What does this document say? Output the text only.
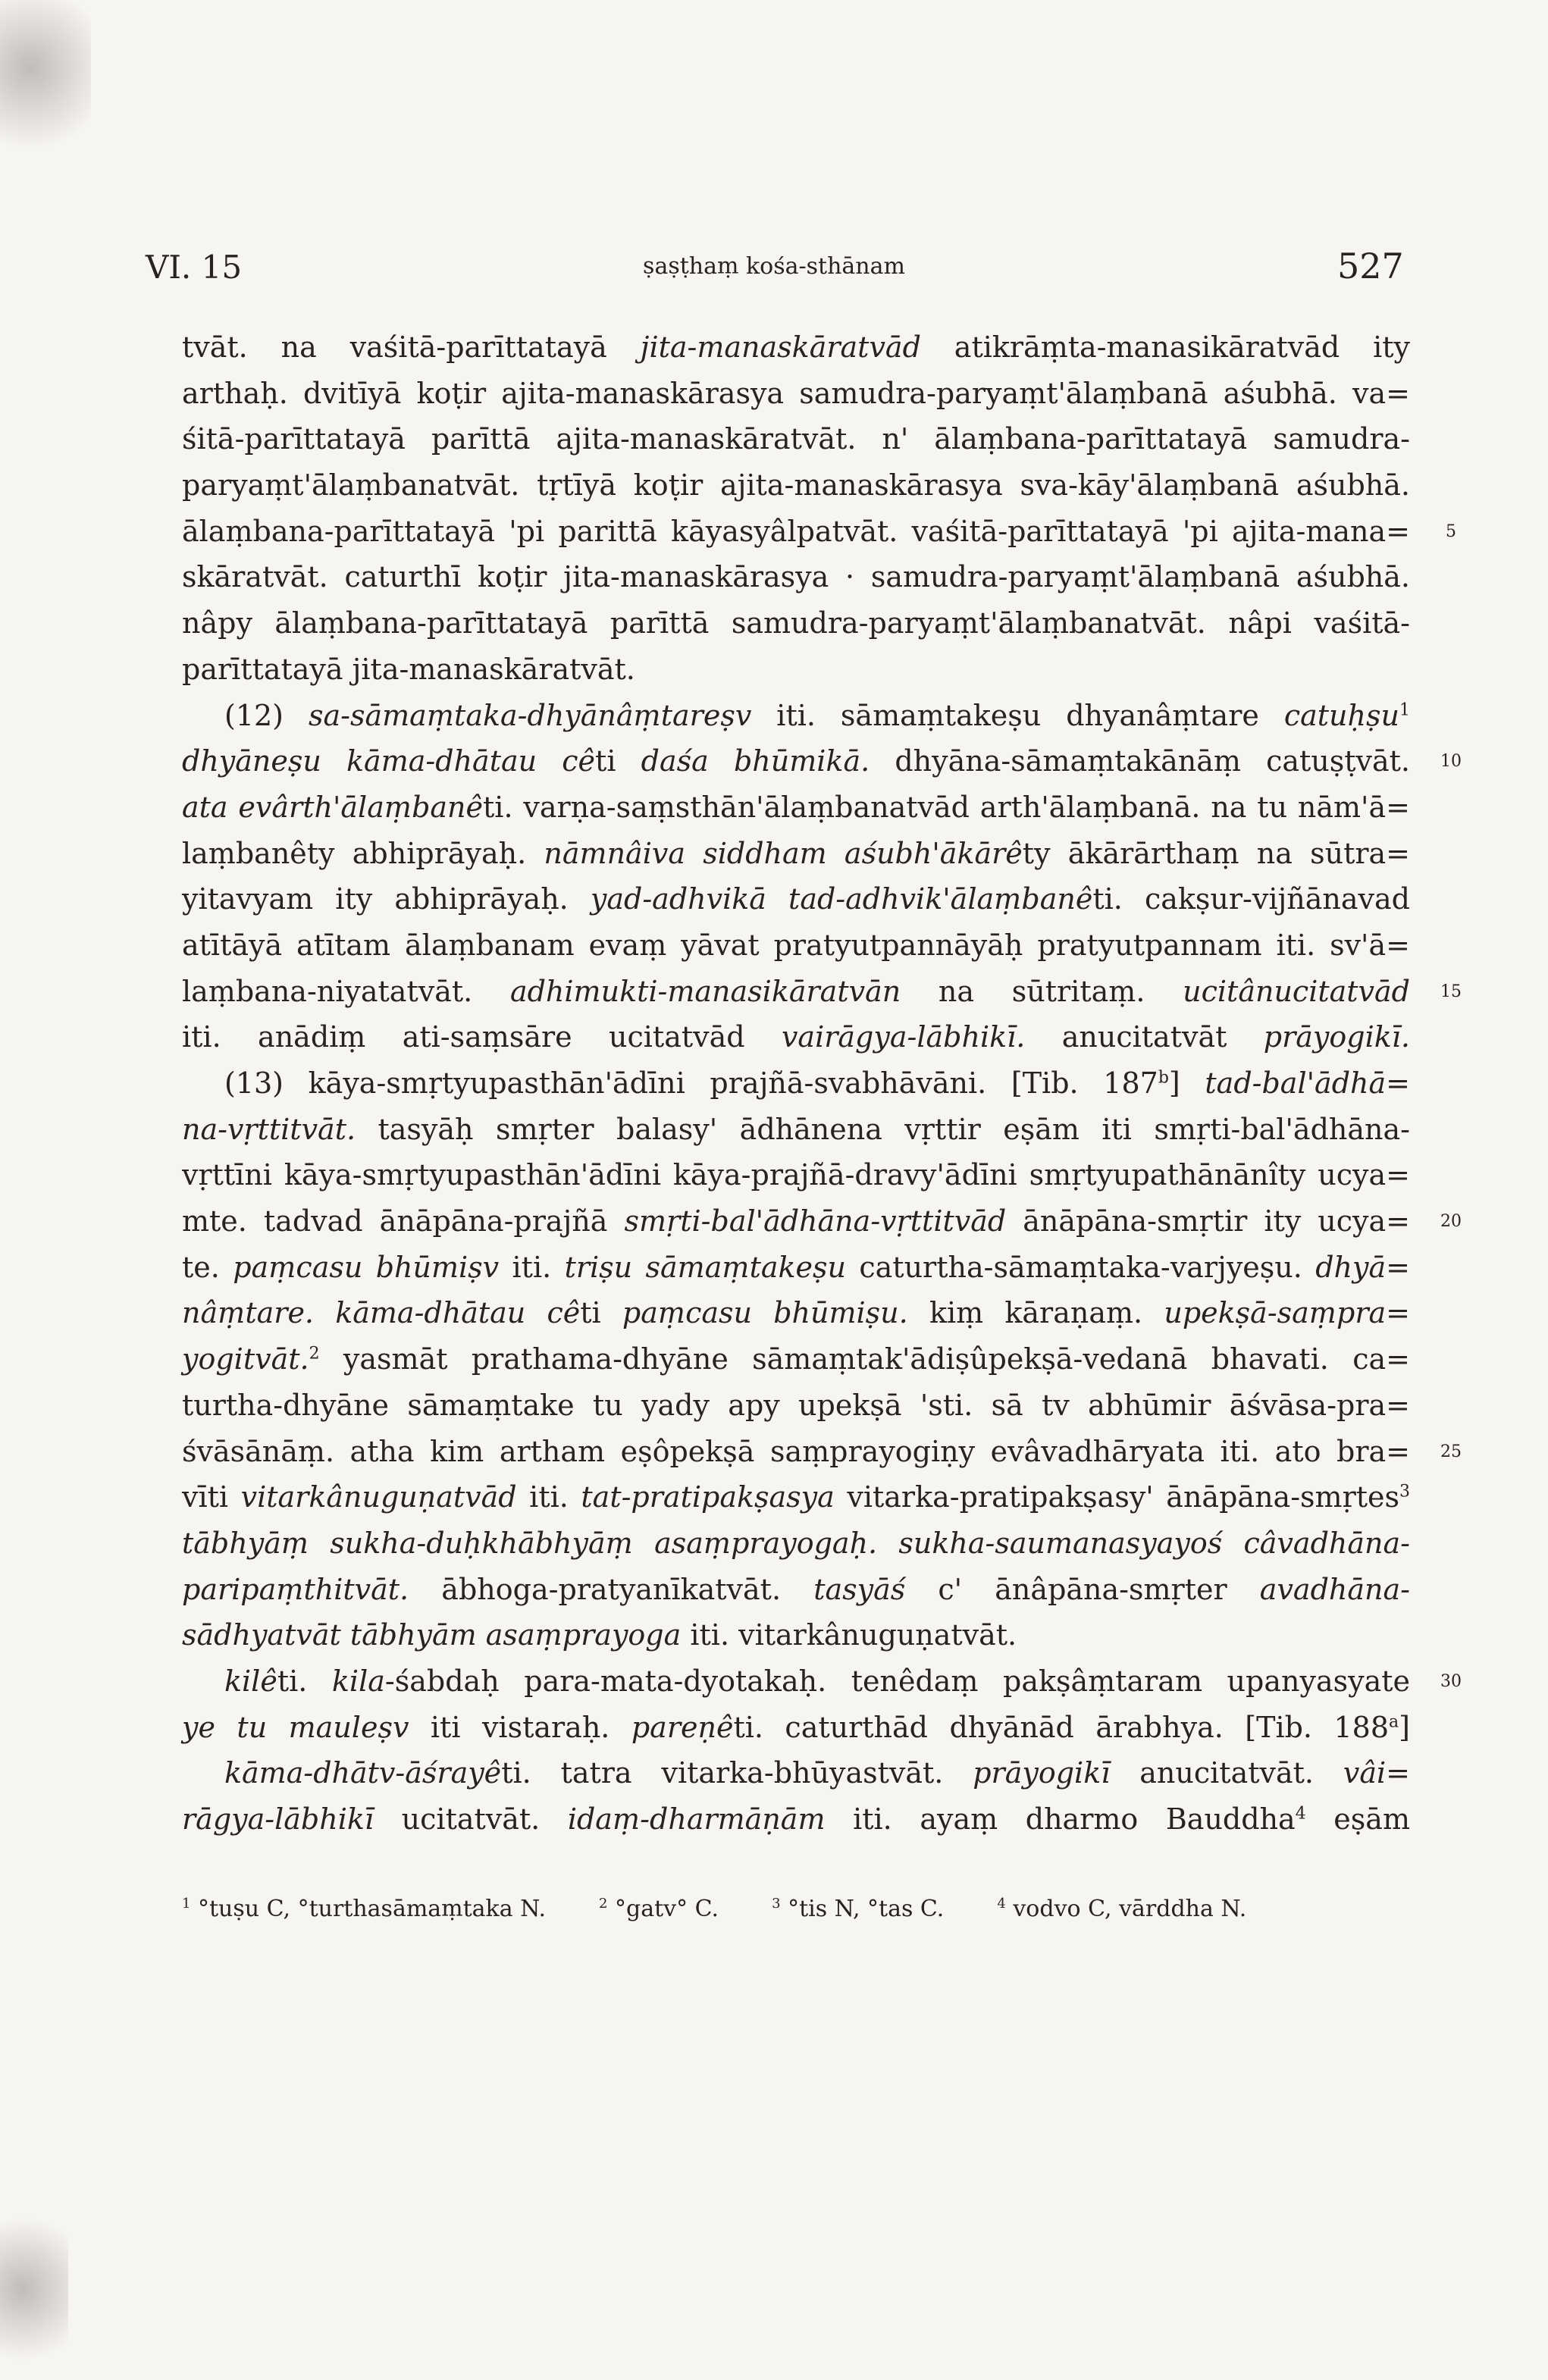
VI. 15	ṣaṣṭhaṃ kośa-sthānam	527
tvāt. na vaśitā-parīttatayā jita-manaskāratvād atikrāṃta-manasikāratvād ity
arthaḥ. dvitīyā koṭir ajita-manaskārasya samudra-paryaṃt'ālaṃbanā aśubhā. va=
śitā-parīttatayā parīttā ajita-manaskāratvāt. n' ālaṃbana-parīttatayā samudra-
paryaṃt'ālaṃbanatvāt. tṛtīyā koṭir ajita-manaskārasya sva-kāy'ālaṃbanā aśubhā.
ālaṃbana-parīttatayā 'pi parittā kāyasyâlpatvāt. vaśitā-parīttatayā 'pi ajita-mana=
skāratvāt. caturthī koṭir jita-manaskārasya · samudra-paryaṃt'ālaṃbanā aśubhā.
nâpy ālaṃbana-parīttatayā parīttā samudra-paryaṃt'ālaṃbanatvāt. nâpi vaśitā-
parīttatayā jita-manaskāratvāt.
(12) sa-sāmaṃtaka-dhyānâṃtareṣv iti. sāmaṃtakeṣu dhyanâṃtare catuḥṣu$^1$
dhyāneṣu kāma-dhātau cêti daśa bhūmikā. dhyāna-sāmaṃtakānāṃ catuṣṭvāt.
ata evârth'ālaṃbanêti. varṇa-saṃsthān'ālaṃbanatvād arth'ālaṃbanā. na tu nām'ā=
laṃbanêty abhiprāyaḥ. nāmnâiva siddham aśubh'ākārêty ākārārthaṃ na sūtra=
yitavyam ity abhiprāyaḥ. yad-adhvikā tad-adhvik'ālaṃbanêti. cakṣur-vijñānavad
atītāyā atītam ālaṃbanam evaṃ yāvat pratyutpannāyāḥ pratyutpannam iti. sv'ā=
laṃbana-niyatatvāt. adhimukti-manasikāratvān na sūtritaṃ. ucitânucitatvād
iti. anādiṃ ati-saṃsāre ucitatvād vairāgya-lābhikī. anucitatvāt prāyogikī.
(13) kāya-smṛtyupasthān'ādīni prajñā-svabhāvāni. [Tib. 187$^b$] tad-bal'ādhā=
na-vṛttitvāt. tasyāḥ smṛter balasy' ādhānena vṛttir eṣām iti smṛti-bal'ādhāna-
vṛttīni kāya-smṛtyupasthān'ādīni kāya-prajñā-dravy'ādīni smṛtyupathānānîty ucya=
mte. tadvad ānāpāna-prajñā smṛti-bal'ādhāna-vṛttitvād ānāpāna-smṛtir ity ucya=
te. paṃcasu bhūmiṣv iti. triṣu sāmaṃtakeṣu caturtha-sāmaṃtaka-varjyeṣu. dhyā=
nâṃtare. kāma-dhātau cêti paṃcasu bhūmiṣu. kiṃ kāraṇaṃ. upekṣā-saṃpra=
yogitvāt.$^2$ yasmāt prathama-dhyāne sāmaṃtak'ādiṣûpekṣā-vedanā bhavati. ca=
turtha-dhyāne sāmaṃtake tu yady apy upekṣā 'sti. sā tv abhūmir āśvāsa-pra=
śvāsānāṃ. atha kim artham eṣôpekṣā saṃprayogiṇy evâvadhāryata iti. ato bra=
vīti vitarkânuguṇatvād iti. tat-pratipakṣasya vitarka-pratipakṣasy' ānāpāna-smṛtes$^3$
tābhyāṃ sukha-duḥkhābhyāṃ asaṃprayogaḥ. sukha-saumanasyayoś câvadhāna-
paripaṃthitvāt. ābhoga-pratyanīkatvāt. tasyāś c' ānâpāna-smṛter avadhāna-
sādhyatvāt tābhyām asaṃprayoga iti. vitarkânuguṇatvāt.
kilêti. kila-śabdaḥ para-mata-dyotakaḥ. tenêdaṃ pakṣâṃtaram upanyasyate
ye tu mauleṣv iti vistaraḥ. pareṇêti. caturthād dhyānād ārabhya. [Tib. 188$^a$]
kāma-dhātv-āśrayêti. tatra vitarka-bhūyastvāt. prāyogikī anucitatvāt. vâi=
rāgya-lābhikī ucitatvāt. idaṃ-dharmāṇām iti. ayaṃ dharmo Bauddha$^4$ eṣām
5
10
15
20
25
30
$^1$ °tuṣu C, °turthasāmaṃtaka N.	$^2$ °gatv° C.	$^3$ °tis N, °tas C.	$^4$ vodvo C, vārddha N.
